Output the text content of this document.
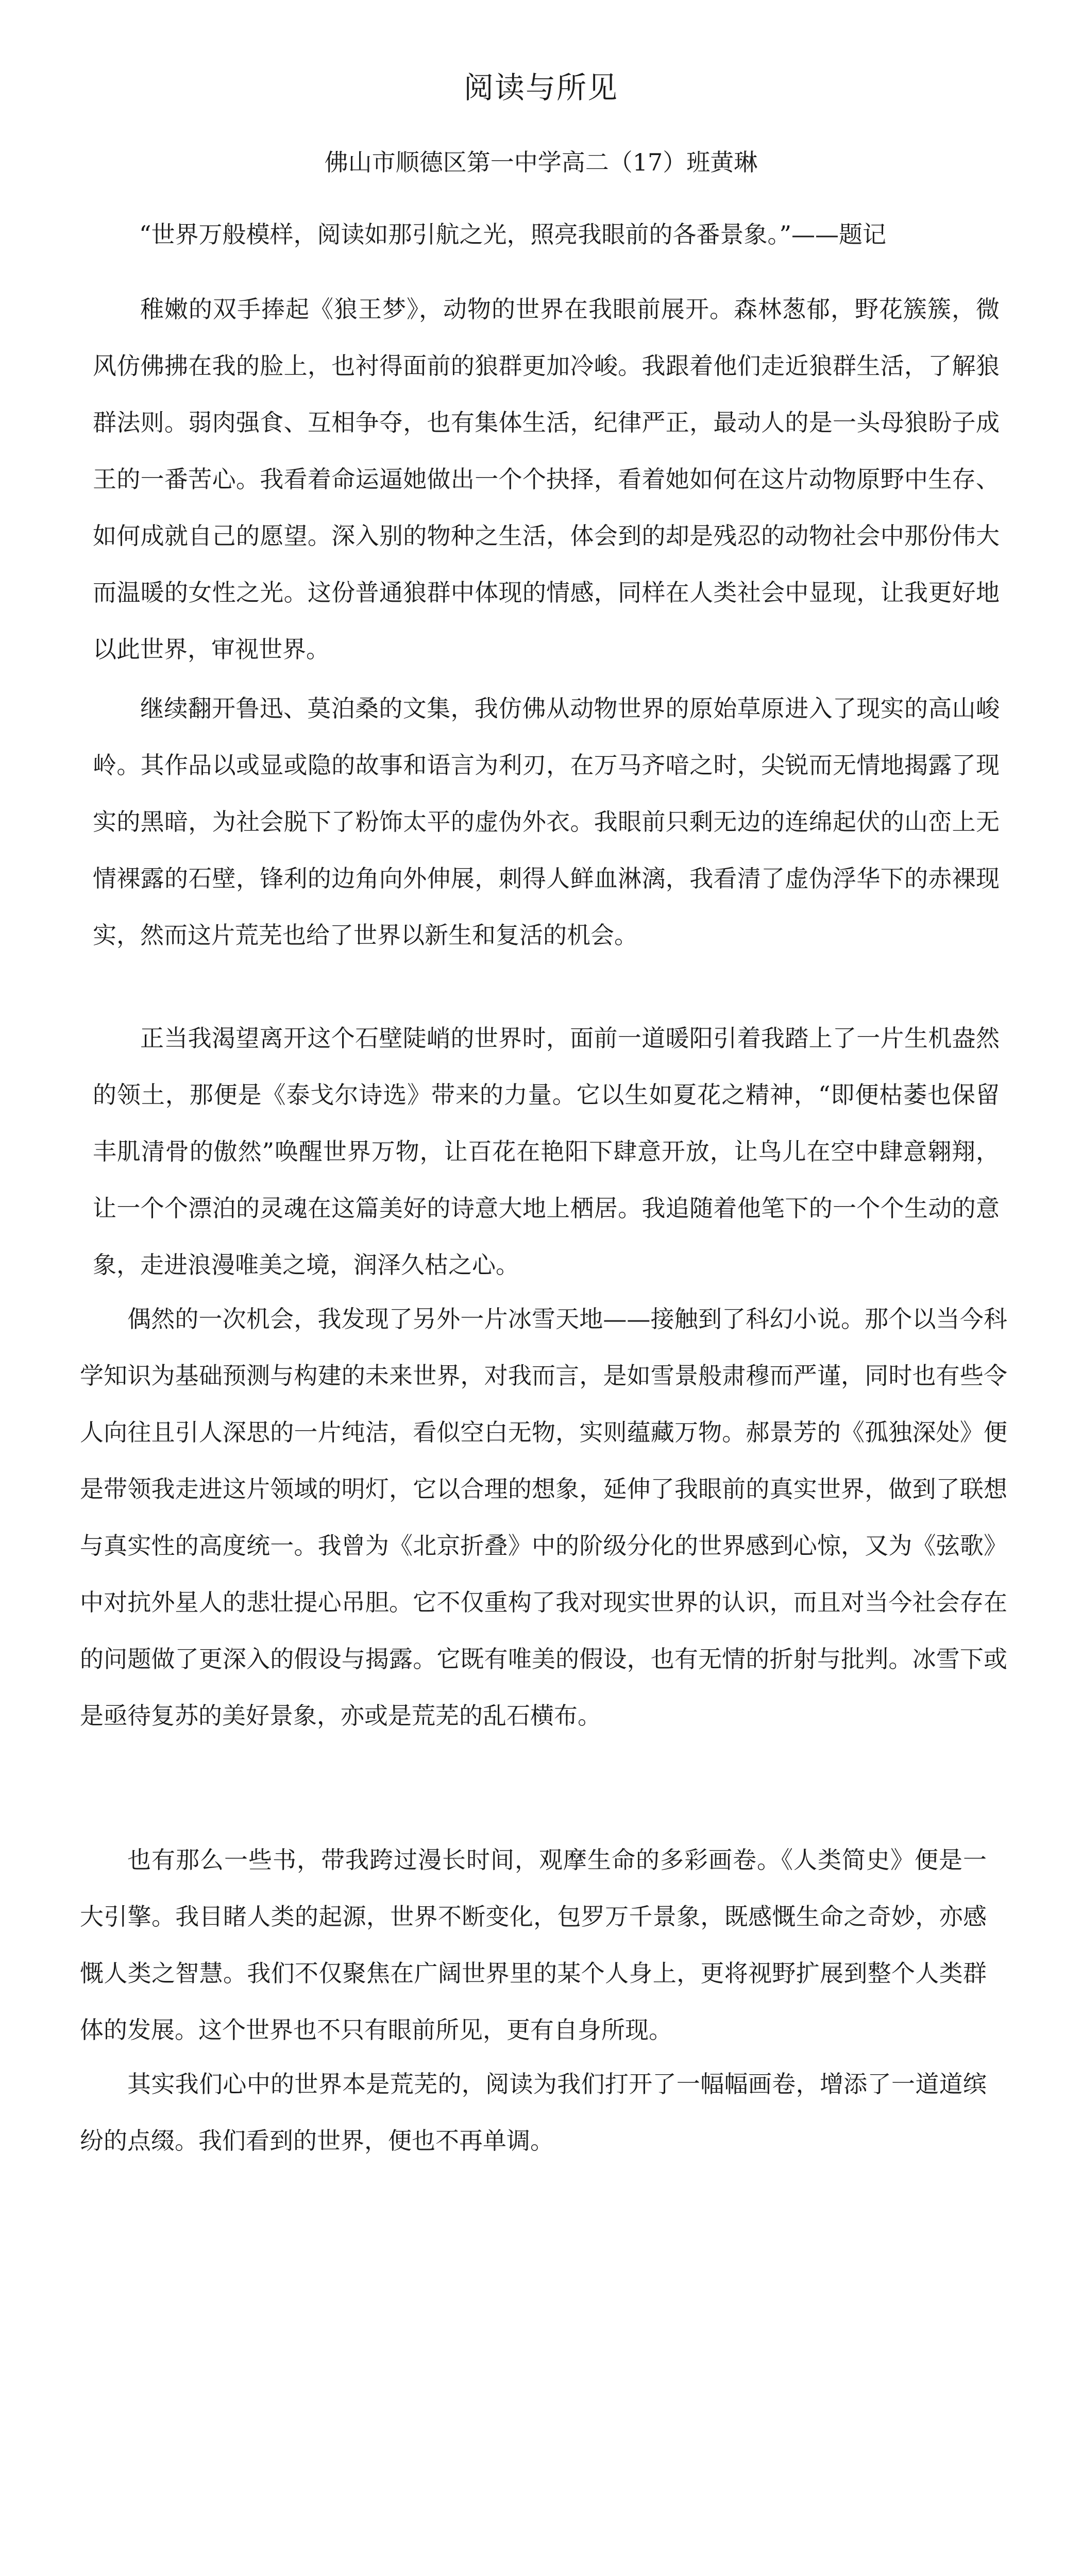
阅读与所见
佛山市顺德区第一中学高二（17）班黄琳
“世界万般模样，阅读如那引航之光，照亮我眼前的各番景象。”——题记

稚嫩的双手捧起《狼王梦》，动物的世界在我眼前展开。森林葱郁，野花簇簇，微风仿佛拂在我的脸上，也衬得面前的狼群更加冷峻。我跟着他们走近狼群生活，了解狼群法则。弱肉强食、互相争夺，也有集体生活，纪律严正，最动人的是一头母狼盼子成王的一番苦心。我看着命运逼她做出一个个抉择，看着她如何在这片动物原野中生存、如何成就自己的愿望。深入别的物种之生活，体会到的却是残忍的动物社会中那份伟大而温暖的女性之光。这份普通狼群中体现的情感，同样在人类社会中显现，让我更好地以此世界，审视世界。

继续翻开鲁迅、莫泊桑的文集，我仿佛从动物世界的原始草原进入了现实的高山峻岭。其作品以或显或隐的故事和语言为利刃，在万马齐喑之时，尖锐而无情地揭露了现实的黑暗，为社会脱下了粉饰太平的虚伪外衣。我眼前只剩无边的连绵起伏的山峦上无情裸露的石壁，锋利的边角向外伸展，刺得人鲜血淋漓，我看清了虚伪浮华下的赤裸现实，然而这片荒芜也给了世界以新生和复活的机会。

正当我渴望离开这个石壁陡峭的世界时，面前一道暖阳引着我踏上了一片生机盎然的领土，那便是《泰戈尔诗选》带来的力量。它以生如夏花之精神，“即便枯萎也保留丰肌清骨的傲然”唤醒世界万物，让百花在艳阳下肆意开放，让鸟儿在空中肆意翱翔，让一个个漂泊的灵魂在这篇美好的诗意大地上栖居。我追随着他笔下的一个个生动的意象，走进浪漫唯美之境，润泽久枯之心。

偶然的一次机会，我发现了另外一片冰雪天地——接触到了科幻小说。那个以当今科学知识为基础预测与构建的未来世界，对我而言，是如雪景般肃穆而严谨，同时也有些令人向往且引人深思的一片纯洁，看似空白无物，实则蕴藏万物。郝景芳的《孤独深处》便是带领我走进这片领域的明灯，它以合理的想象，延伸了我眼前的真实世界，做到了联想与真实性的高度统一。我曾为《北京折叠》中的阶级分化的世界感到心惊，又为《弦歌》中对抗外星人的悲壮提心吊胆。它不仅重构了我对现实世界的认识，而且对当今社会存在的问题做了更深入的假设与揭露。它既有唯美的假设，也有无情的折射与批判。冰雪下或是亟待复苏的美好景象，亦或是荒芜的乱石横布。

也有那么一些书，带我跨过漫长时间，观摩生命的多彩画卷。《人类简史》便是一大引擎。我目睹人类的起源，世界不断变化，包罗万千景象，既感慨生命之奇妙，亦感慨人类之智慧。我们不仅聚焦在广阔世界里的某个人身上，更将视野扩展到整个人类群体的发展。这个世界也不只有眼前所见，更有自身所现。

其实我们心中的世界本是荒芜的，阅读为我们打开了一幅幅画卷，增添了一道道缤纷的点缀。我们看到的世界，便也不再单调。
